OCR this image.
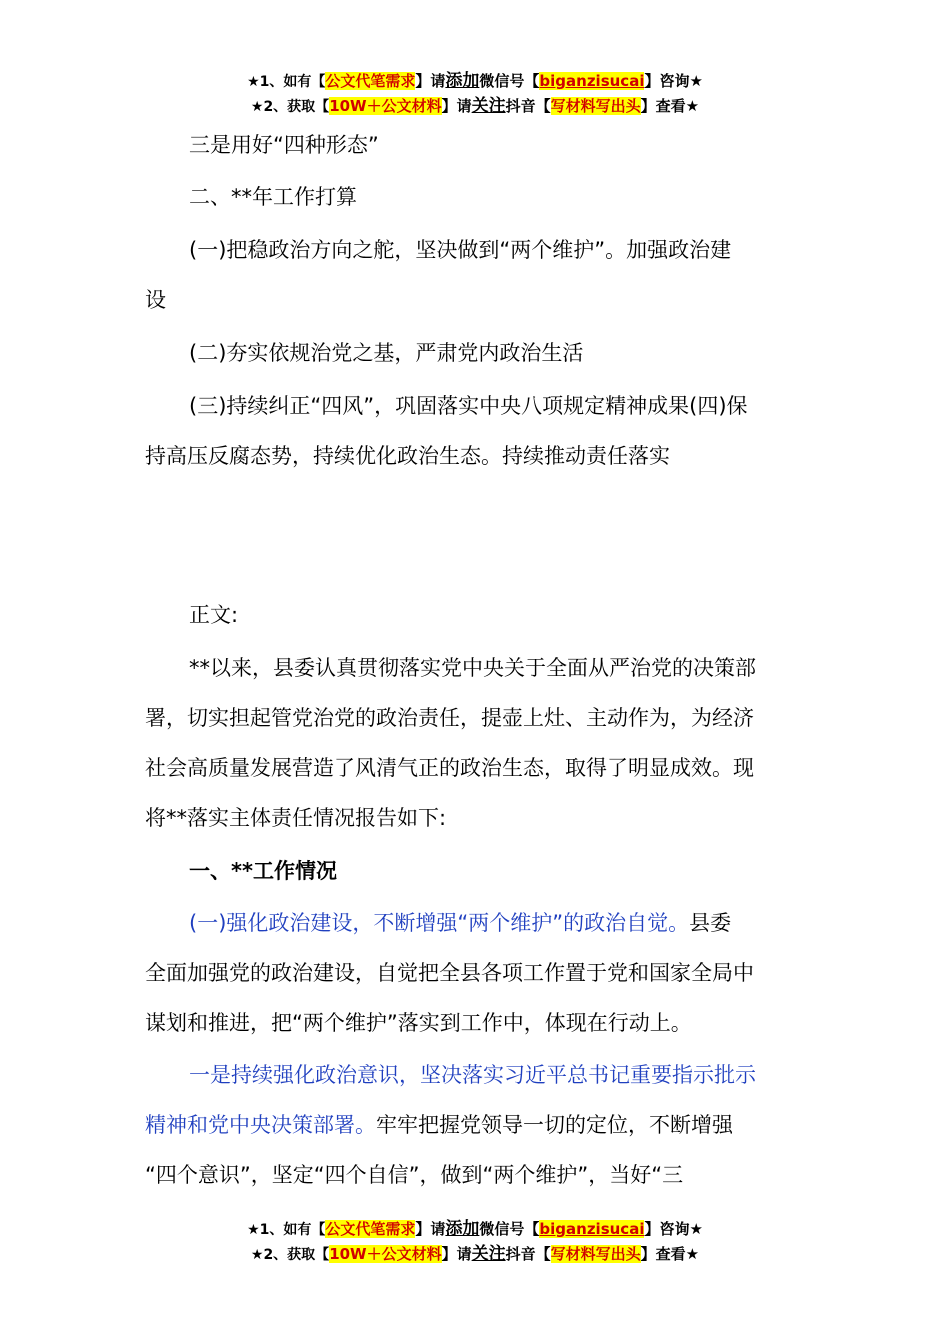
★1、如有【公文代笔需求】请添加微信号【biganzisucai】咨询★
★2、获取【10W＋公文材料】请关注抖音【写材料写出头】查看★
三是用好“四种形态”
二、**年工作打算
(一)把稳政治方向之舵，坚决做到“两个维护”。加强政治建
设
(二)夯实依规治党之基，严肃党内政治生活
(三)持续纠正“四风”，巩固落实中央八项规定精神成果(四)保
持高压反腐态势，持续优化政治生态。持续推动责任落实
正文:
**以来，县委认真贯彻落实党中央关于全面从严治党的决策部
署，切实担起管党治党的政治责任，提壶上灶、主动作为，为经济
社会高质量发展营造了风清气正的政治生态，取得了明显成效。现
将**落实主体责任情况报告如下:
一、**工作情况
(一)强化政治建设，不断增强“两个维护”的政治自觉。县委
全面加强党的政治建设，自觉把全县各项工作置于党和国家全局中
谋划和推进，把“两个维护”落实到工作中，体现在行动上。
一是持续强化政治意识，坚决落实习近平总书记重要指示批示
精神和党中央决策部署。牢牢把握党领导一切的定位，不断增强
“四个意识”，坚定“四个自信”，做到“两个维护”，当好“三
★1、如有【公文代笔需求】请添加微信号【biganzisucai】咨询★
★2、获取【10W＋公文材料】请关注抖音【写材料写出头】查看★
